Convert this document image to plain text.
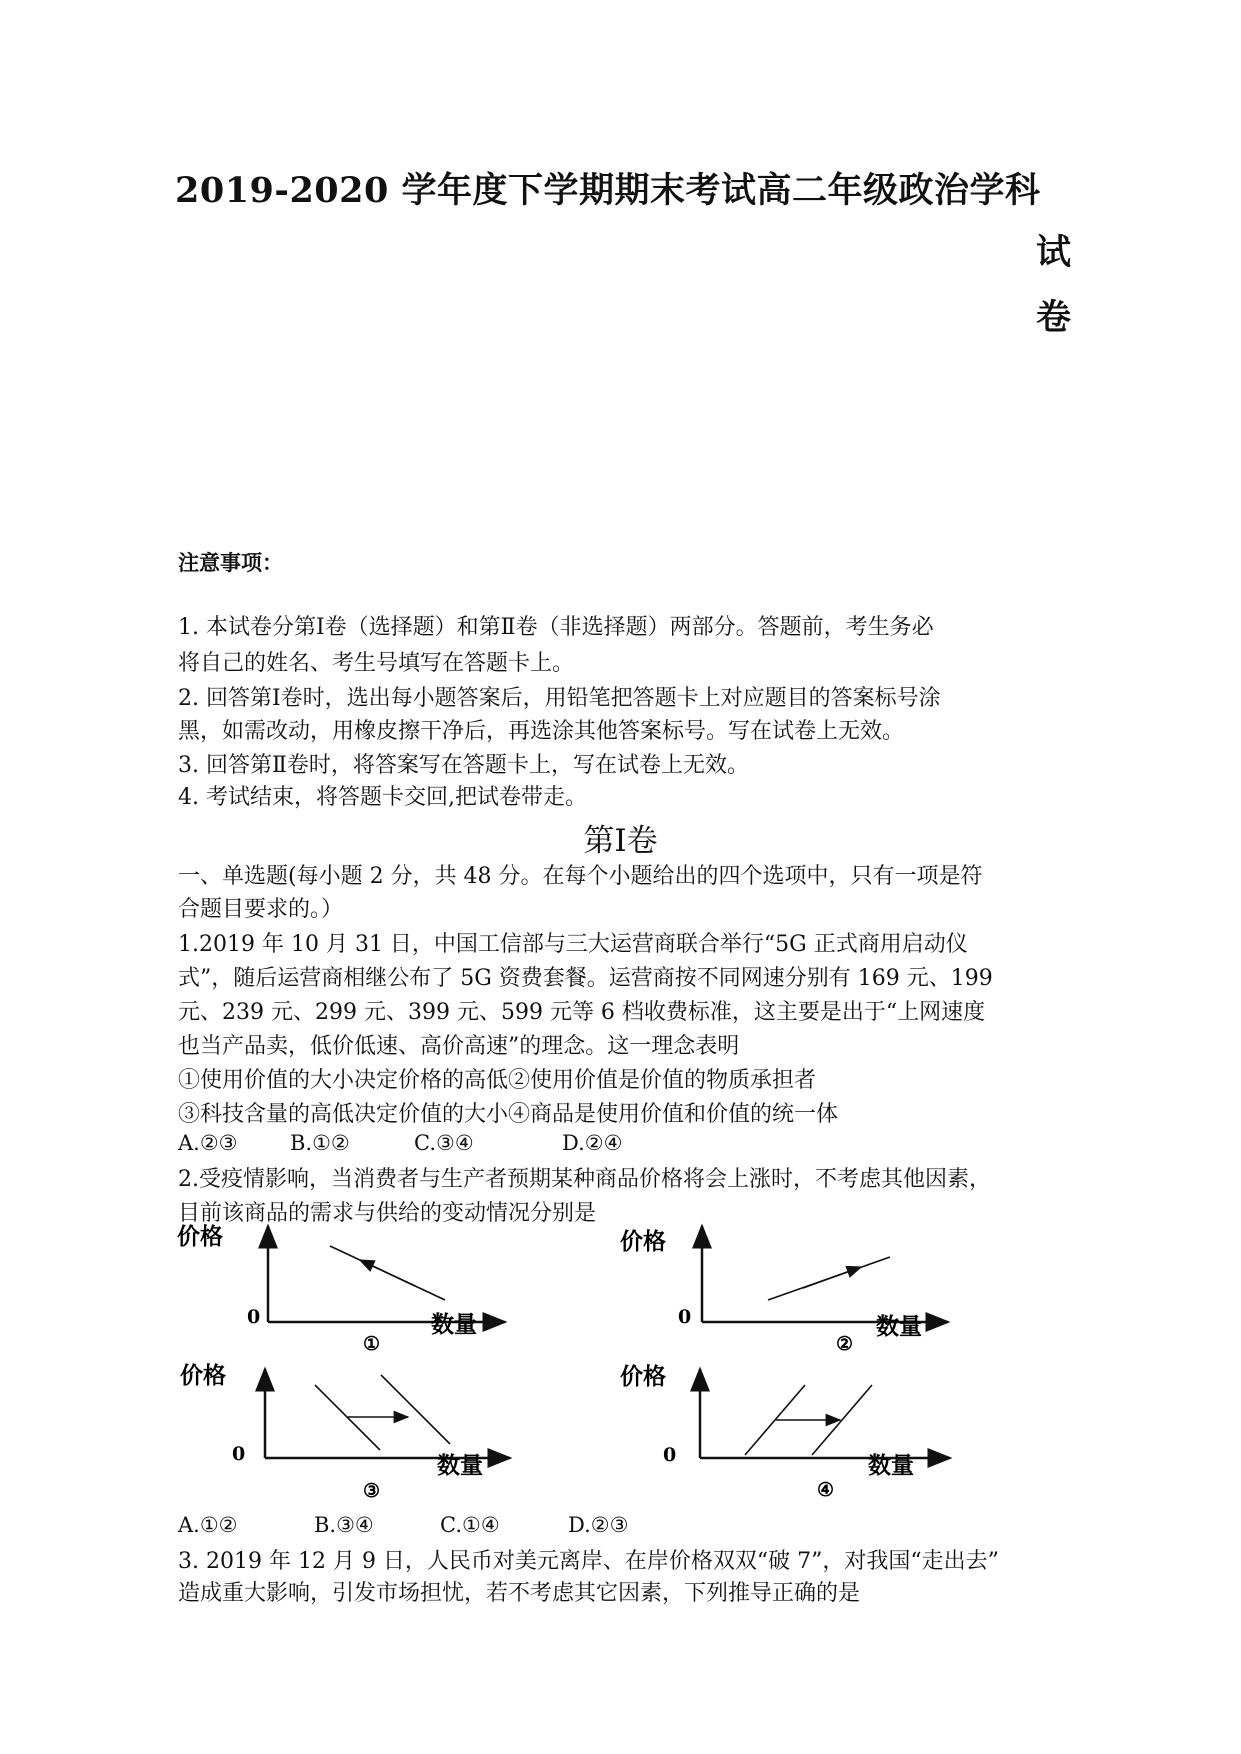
2019-2020 学年度下学期期末考试高二年级政治学科
试
卷
注意事项：
1. 本试卷分第Ⅰ卷（选择题）和第Ⅱ卷（非选择题）两部分。答题前，考生务必
将自己的姓名、考生号填写在答题卡上。
2. 回答第Ⅰ卷时，选出每小题答案后，用铅笔把答题卡上对应题目的答案标号涂
黑，如需改动，用橡皮擦干净后，再选涂其他答案标号。写在试卷上无效。
3. 回答第Ⅱ卷时，将答案写在答题卡上，写在试卷上无效。
4. 考试结束，将答题卡交回,把试卷带走。
第Ⅰ卷
一、单选题(每小题 2 分，共 48 分。在每个小题给出的四个选项中，只有一项是符
合题目要求的。）
1.2019 年 10 月 31 日，中国工信部与三大运营商联合举行“5G 正式商用启动仪
式”，随后运营商相继公布了 5G 资费套餐。运营商按不同网速分别有 169 元、199
元、239 元、299 元、399 元、599 元等 6 档收费标准，这主要是出于“上网速度
也当产品卖，低价低速、高价高速”的理念。这一理念表明
①使用价值的大小决定价格的高低②使用价值是价值的物质承担者
③科技含量的高低决定价值的大小④商品是使用价值和价值的统一体
A.②③	B.①②	C.③④	D.②④
2.受疫情影响，当消费者与生产者预期某种商品价格将会上涨时，不考虑其他因素，
目前该商品的需求与供给的变动情况分别是
价格
0	数量
①
价格
0	数量
②
价格
0	数量
③
价格
0	数量
④
A.①②	B.③④	C.①④	D.②③
3. 2019 年 12 月 9 日，人民币对美元离岸、在岸价格双双“破 7”，对我国“走出去”
造成重大影响，引发市场担忧，若不考虑其它因素，下列推导正确的是
